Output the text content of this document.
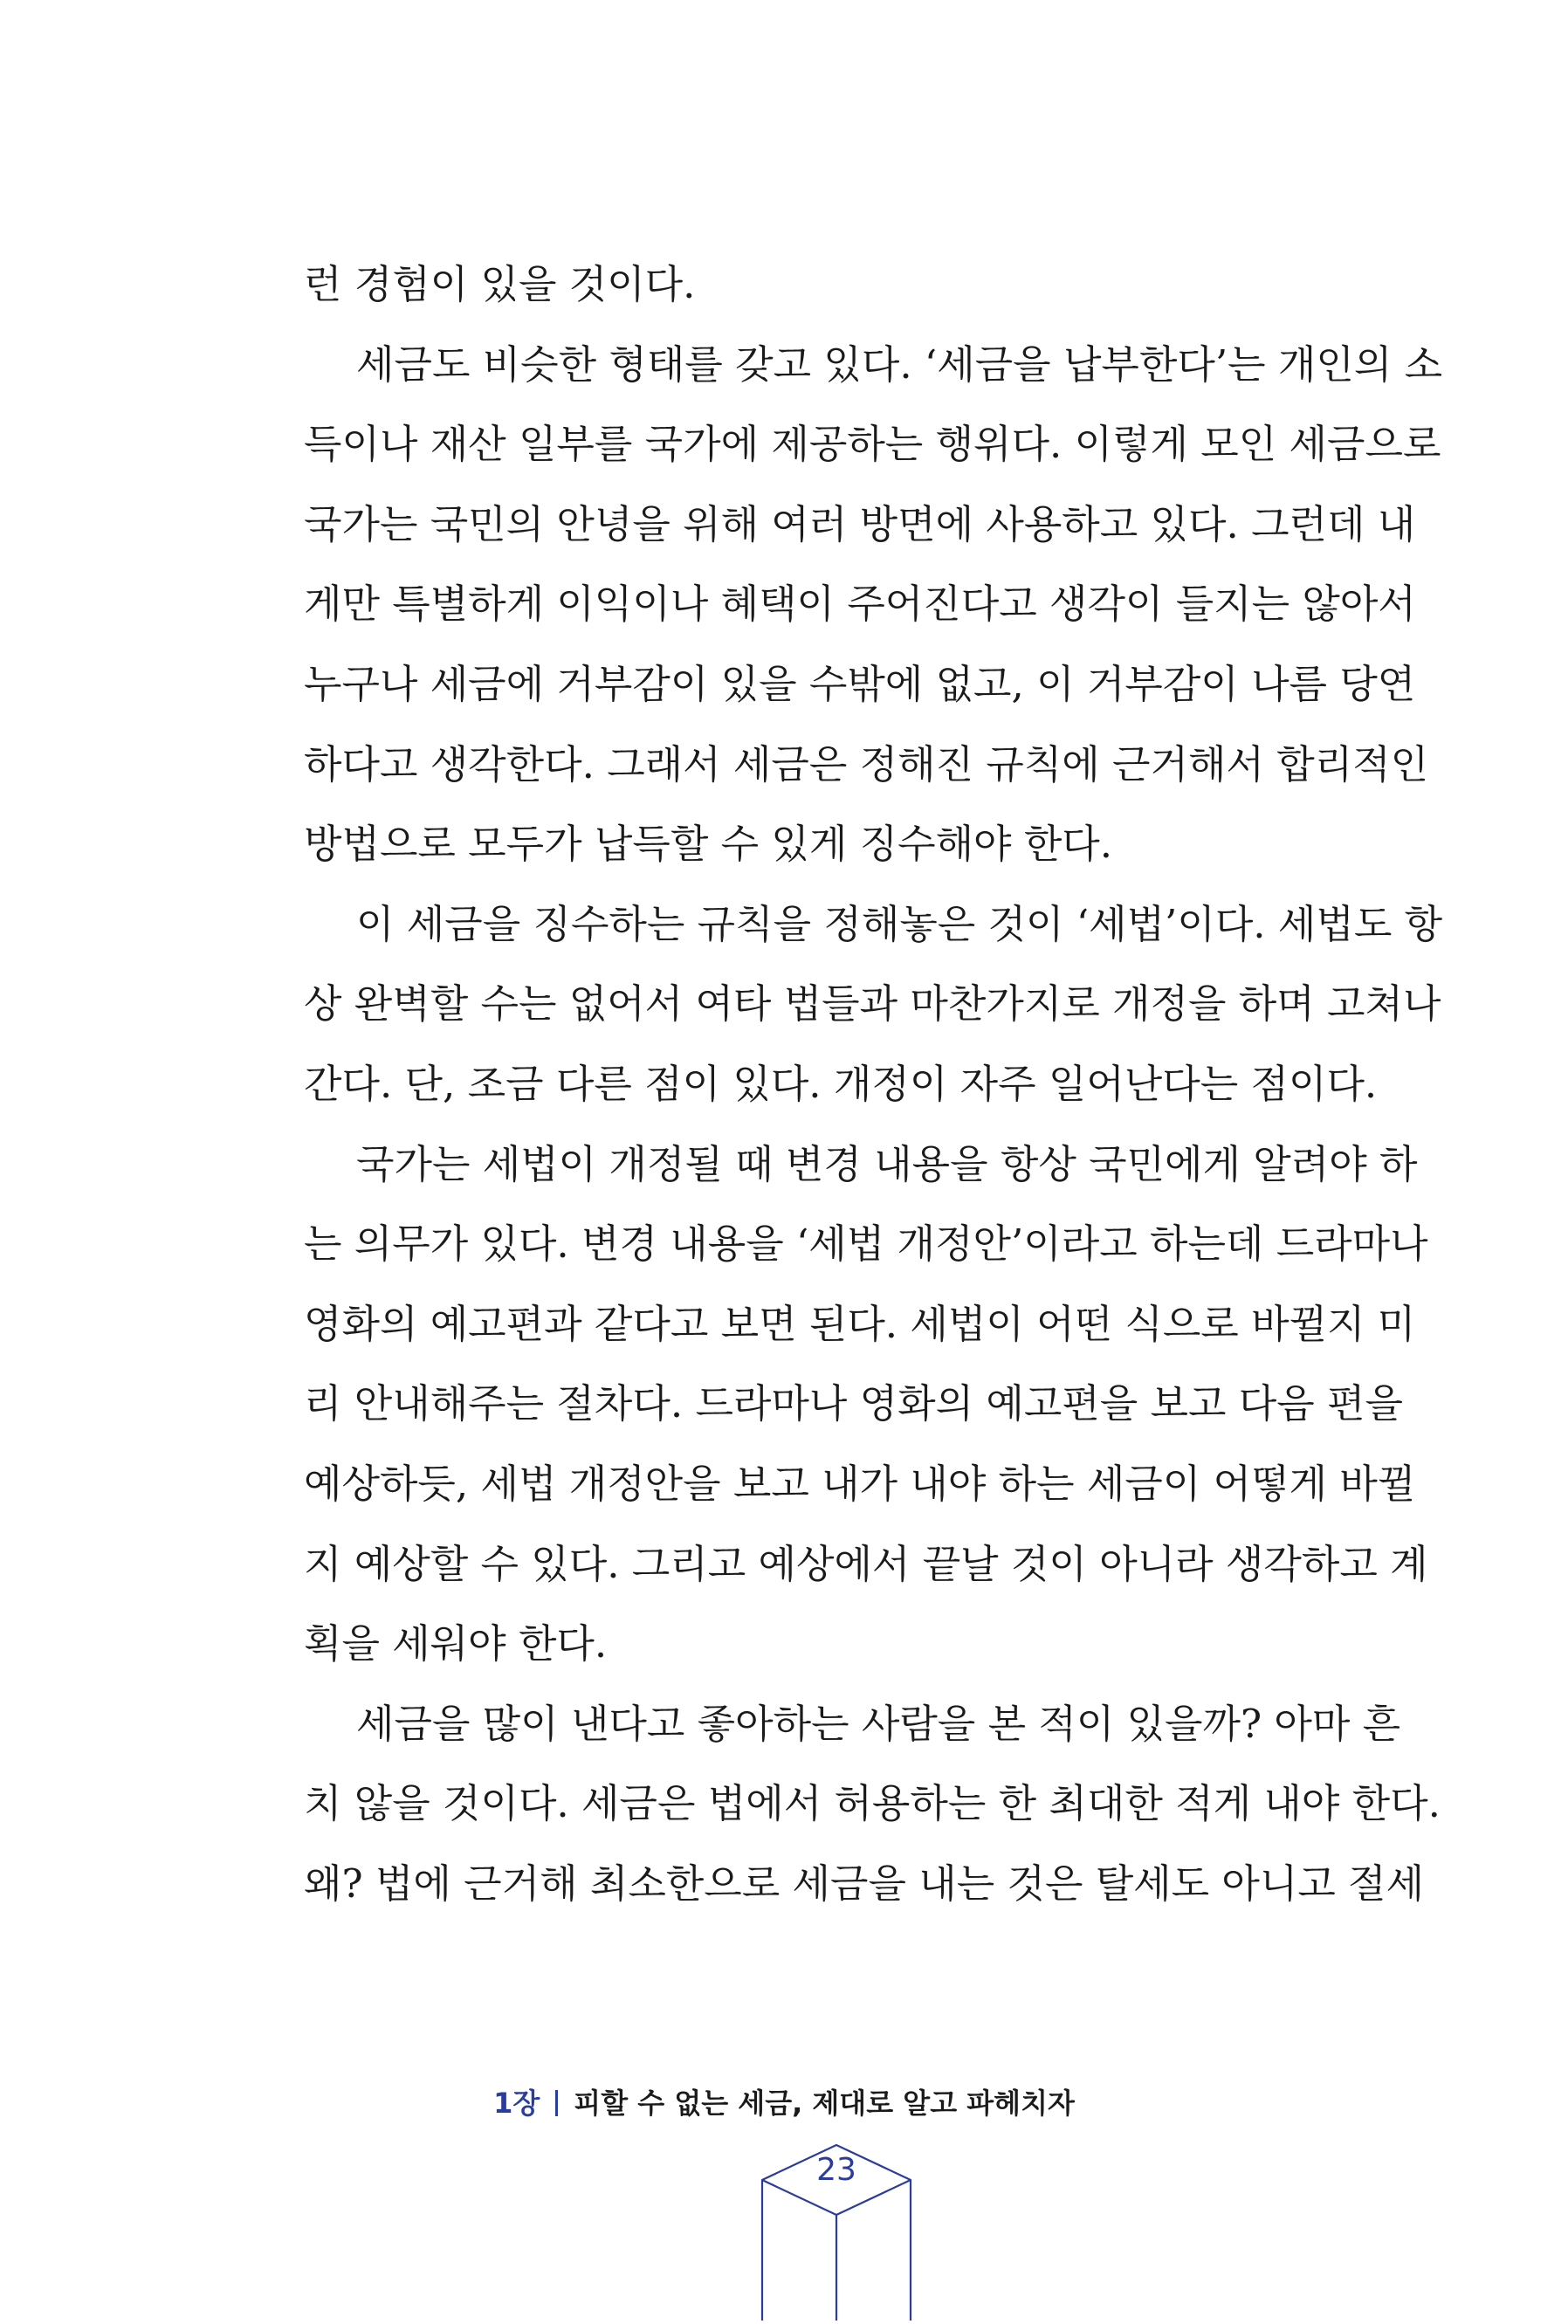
런 경험이 있을 것이다.
세금도 비슷한 형태를 갖고 있다. ‘세금을 납부한다’는 개인의 소
득이나 재산 일부를 국가에 제공하는 행위다. 이렇게 모인 세금으로
국가는 국민의 안녕을 위해 여러 방면에 사용하고 있다. 그런데 내
게만 특별하게 이익이나 혜택이 주어진다고 생각이 들지는 않아서
누구나 세금에 거부감이 있을 수밖에 없고, 이 거부감이 나름 당연
하다고 생각한다. 그래서 세금은 정해진 규칙에 근거해서 합리적인
방법으로 모두가 납득할 수 있게 징수해야 한다.
이 세금을 징수하는 규칙을 정해놓은 것이 ‘세법’이다. 세법도 항
상 완벽할 수는 없어서 여타 법들과 마찬가지로 개정을 하며 고쳐나
간다. 단, 조금 다른 점이 있다. 개정이 자주 일어난다는 점이다.
국가는 세법이 개정될 때 변경 내용을 항상 국민에게 알려야 하
는 의무가 있다. 변경 내용을 ‘세법 개정안’이라고 하는데 드라마나
영화의 예고편과 같다고 보면 된다. 세법이 어떤 식으로 바뀔지 미
리 안내해주는 절차다. 드라마나 영화의 예고편을 보고 다음 편을
예상하듯, 세법 개정안을 보고 내가 내야 하는 세금이 어떻게 바뀔
지 예상할 수 있다. 그리고 예상에서 끝날 것이 아니라 생각하고 계
획을 세워야 한다.
세금을 많이 낸다고 좋아하는 사람을 본 적이 있을까? 아마 흔
치 않을 것이다. 세금은 법에서 허용하는 한 최대한 적게 내야 한다.
왜? 법에 근거해 최소한으로 세금을 내는 것은 탈세도 아니고 절세
1장 피할 수 없는 세금, 제대로 알고 파헤치자
23
